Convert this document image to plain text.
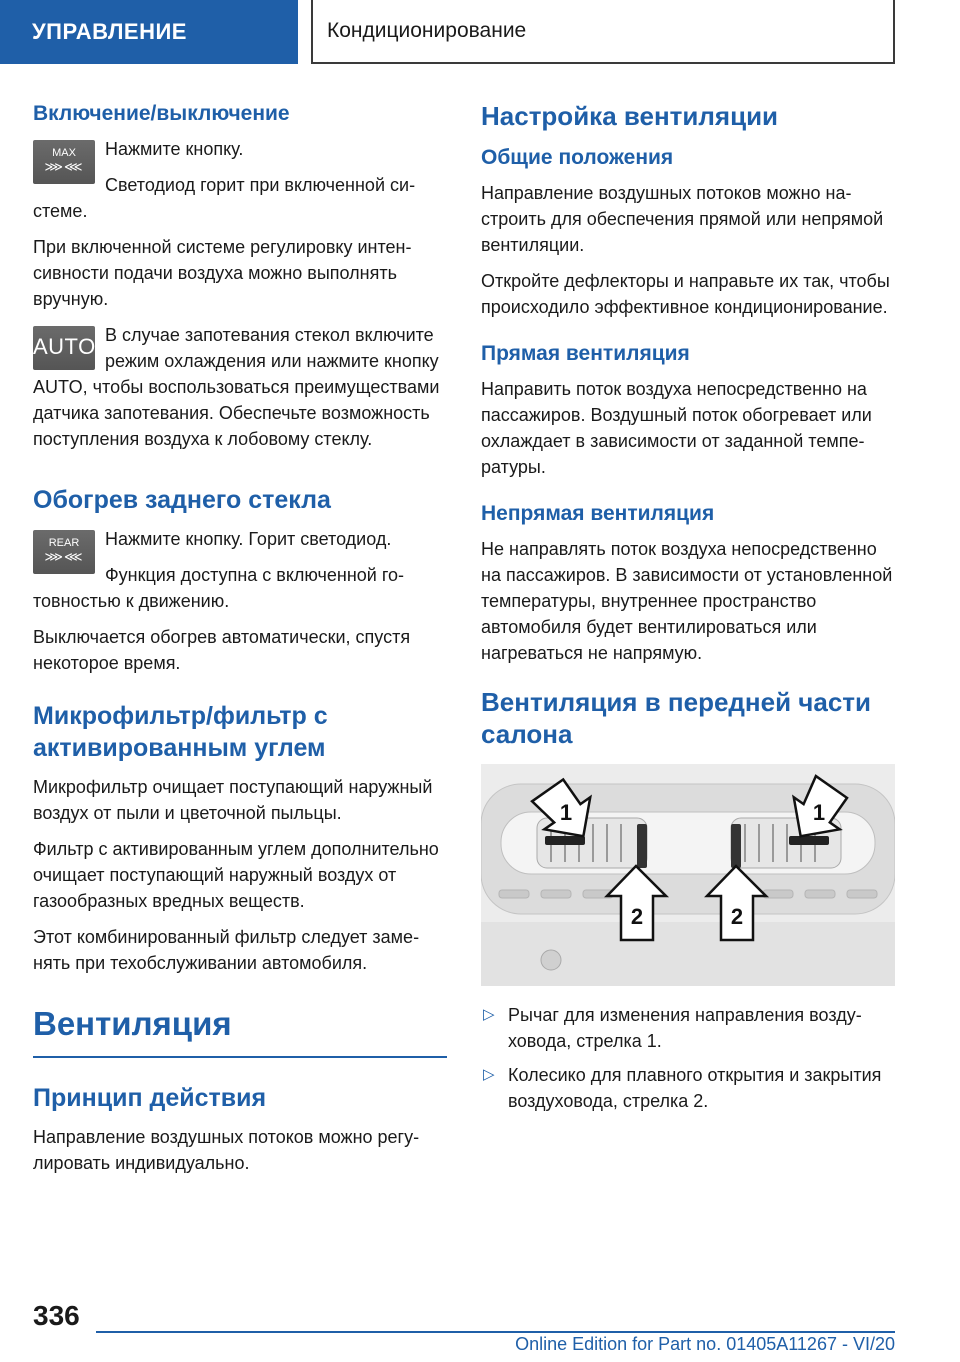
УПРАВЛЕНИЕ	Кондиционирование
Включение/выключение
MAX
⋙⋘

Нажмите кнопку.

Светодиод горит при включенной системе.

При включенной системе регулировку интенсивности подачи воздуха можно выполнять вручную.

AUTO В случае запотевания стекол включите режим охлаждения или нажмите кнопку AUTO, чтобы воспользоваться преимуществами датчика запотевания. Обеспечьте возможность поступления воздуха к лобовому стеклу.

Обогрев заднего стекла
REAR
⋙⋘

Нажмите кнопку. Горит светодиод.

Функция доступна с включенной готовностью к движению.

Выключается обогрев автоматически, спустя некоторое время.

Микрофильтр/фильтр с активированным углем

Микрофильтр очищает поступающий наружный воздух от пыли и цветочной пыльцы.

Фильтр с активированным углем дополнительно очищает поступающий наружный воздух от газообразных вредных веществ.

Этот комбинированный фильтр следует заменять при техобслуживании автомобиля.

Вентиляция
Принцип действия

Направление воздушных потоков можно регулировать индивидуально.

Настройка вентиляции
Общие положения

Направление воздушных потоков можно настроить для обеспечения прямой или непрямой вентиляции.

Откройте дефлекторы и направьте их так, чтобы происходило эффективное кондиционирование.

Прямая вентиляция

Направить поток воздуха непосредственно на пассажиров. Воздушный поток обогревает или охлаждает в зависимости от заданной температуры.

Непрямая вентиляция

Не направлять поток воздуха непосредственно на пассажиров. В зависимости от установленной температуры, внутреннее пространство автомобиля будет вентилироваться или нагреваться не напрямую.

Вентиляция в передней части салона
1	1
2	2
▷ Рычаг для изменения направления воздуховода, стрелка 1.
▷ Колесико для плавного открытия и закрытия воздуховода, стрелка 2.
336
Online Edition for Part no. 01405A11267 - VI/20
